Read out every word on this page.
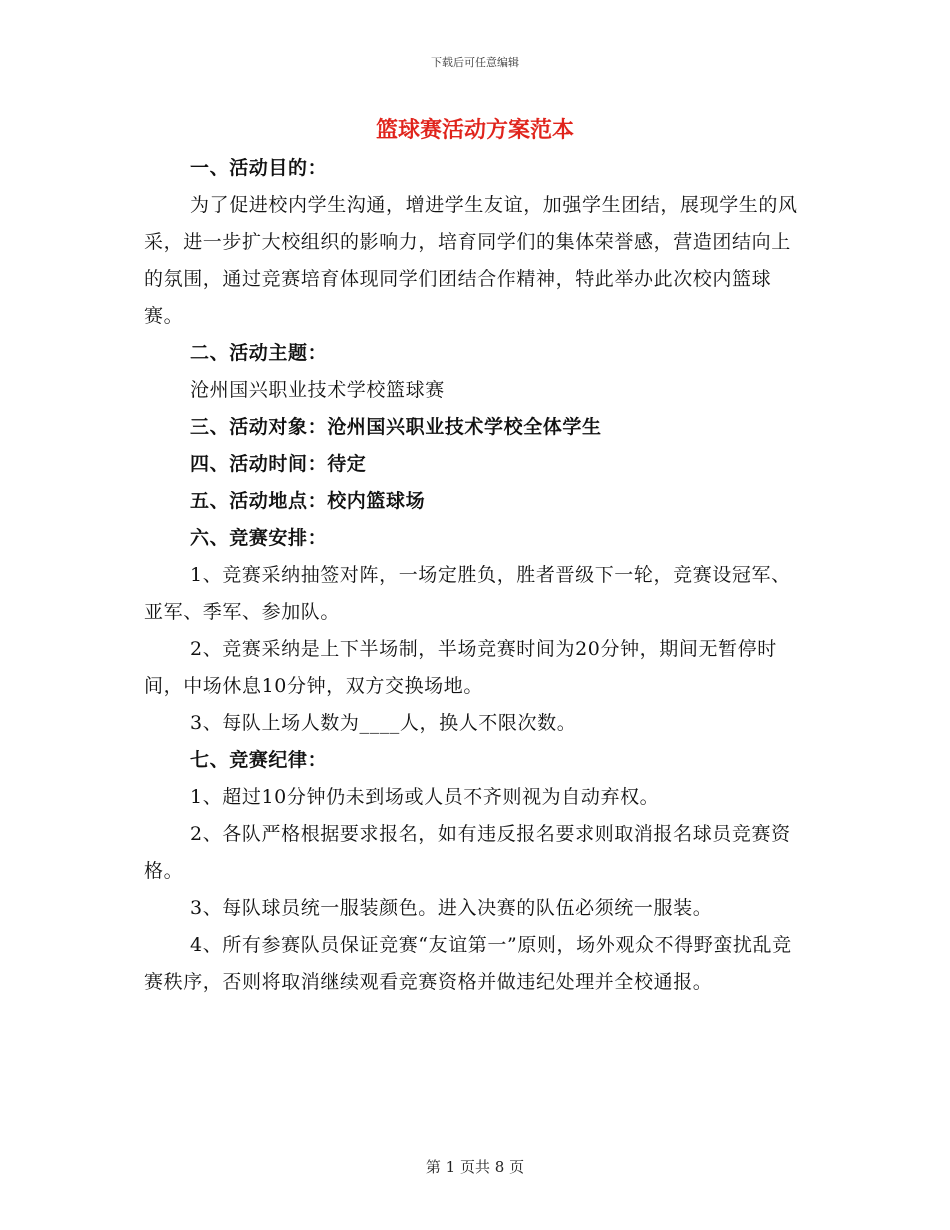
下载后可任意编辑
篮球赛活动方案范本

一、活动目的：

为了促进校内学生沟通，增进学生友谊，加强学生团结，展现学生的风采，进一步扩大校组织的影响力，培育同学们的集体荣誉感，营造团结向上的氛围，通过竞赛培育体现同学们团结合作精神，特此举办此次校内篮球赛。

二、活动主题：

沧州国兴职业技术学校篮球赛

三、活动对象：沧州国兴职业技术学校全体学生

四、活动时间：待定

五、活动地点：校内篮球场

六、竞赛安排：

1、竞赛采纳抽签对阵，一场定胜负，胜者晋级下一轮，竞赛设冠军、亚军、季军、参加队。

2、竞赛采纳是上下半场制，半场竞赛时间为20分钟，期间无暂停时间，中场休息10分钟，双方交换场地。

3、每队上场人数为____人，换人不限次数。

七、竞赛纪律：

1、超过10分钟仍未到场或人员不齐则视为自动弃权。

2、各队严格根据要求报名，如有违反报名要求则取消报名球员竞赛资格。

3、每队球员统一服装颜色。进入决赛的队伍必须统一服装。

4、所有参赛队员保证竞赛“友谊第一”原则，场外观众不得野蛮扰乱竞赛秩序，否则将取消继续观看竞赛资格并做违纪处理并全校通报。

第 1 页共 8 页
